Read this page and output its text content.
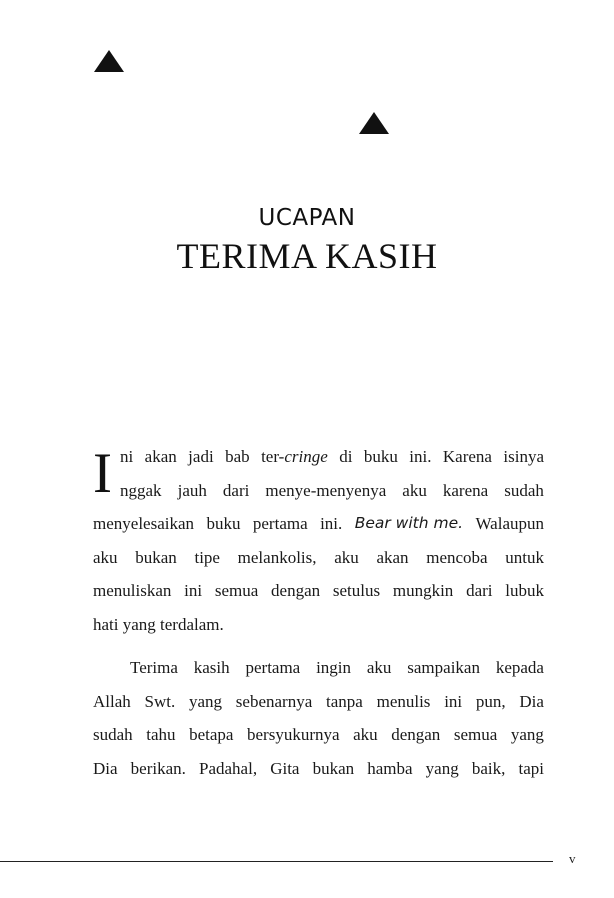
UCAPAN
TERIMA KASIH
I ni akan jadi bab ter-cringe di buku ini. Karena isinya
nggak jauh dari menye-menyenya aku karena sudah
menyelesaikan buku pertama ini. Bear with me. Walaupun
aku bukan tipe melankolis, aku akan mencoba untuk
menuliskan ini semua dengan setulus mungkin dari lubuk
hati yang terdalam.
Terima kasih pertama ingin aku sampaikan kepada
Allah Swt. yang sebenarnya tanpa menulis ini pun, Dia
sudah tahu betapa bersyukurnya aku dengan semua yang
Dia berikan. Padahal, Gita bukan hamba yang baik, tapi
v
